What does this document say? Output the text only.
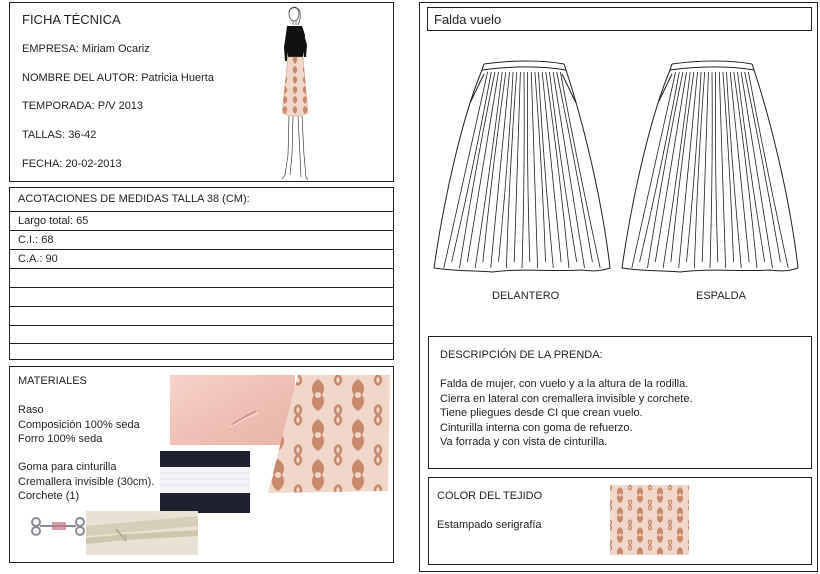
FICHA TÉCNICA
EMPRESA: Miriam Ocariz
NOMBRE DEL AUTOR: Patricia Huerta
TEMPORADA: P/V 2013
TALLAS: 36-42
FECHA: 20-02-2013
ACOTACIONES DE MEDIDAS TALLA 38 (CM):
Largo total: 65
C.I.: 68
C.A.: 90
MATERIALES
Raso
Composición 100% seda
Forro 100% seda
Goma para cinturilla
Cremallera invisible (30cm).
Corchete (1)
Falda vuelo
DELANTERO	ESPALDA
DESCRIPCIÓN DE LA PRENDA:
Falda de mujer, con vuelo y a la altura de la rodilla.
Cierra en lateral con cremallera invisible y corchete.
Tiene pliegues desde CI que crean vuelo.
Cinturilla interna con goma de refuerzo.
Va forrada y con vista de cinturilla.
COLOR DEL TEJIDO
Estampado serigrafía
